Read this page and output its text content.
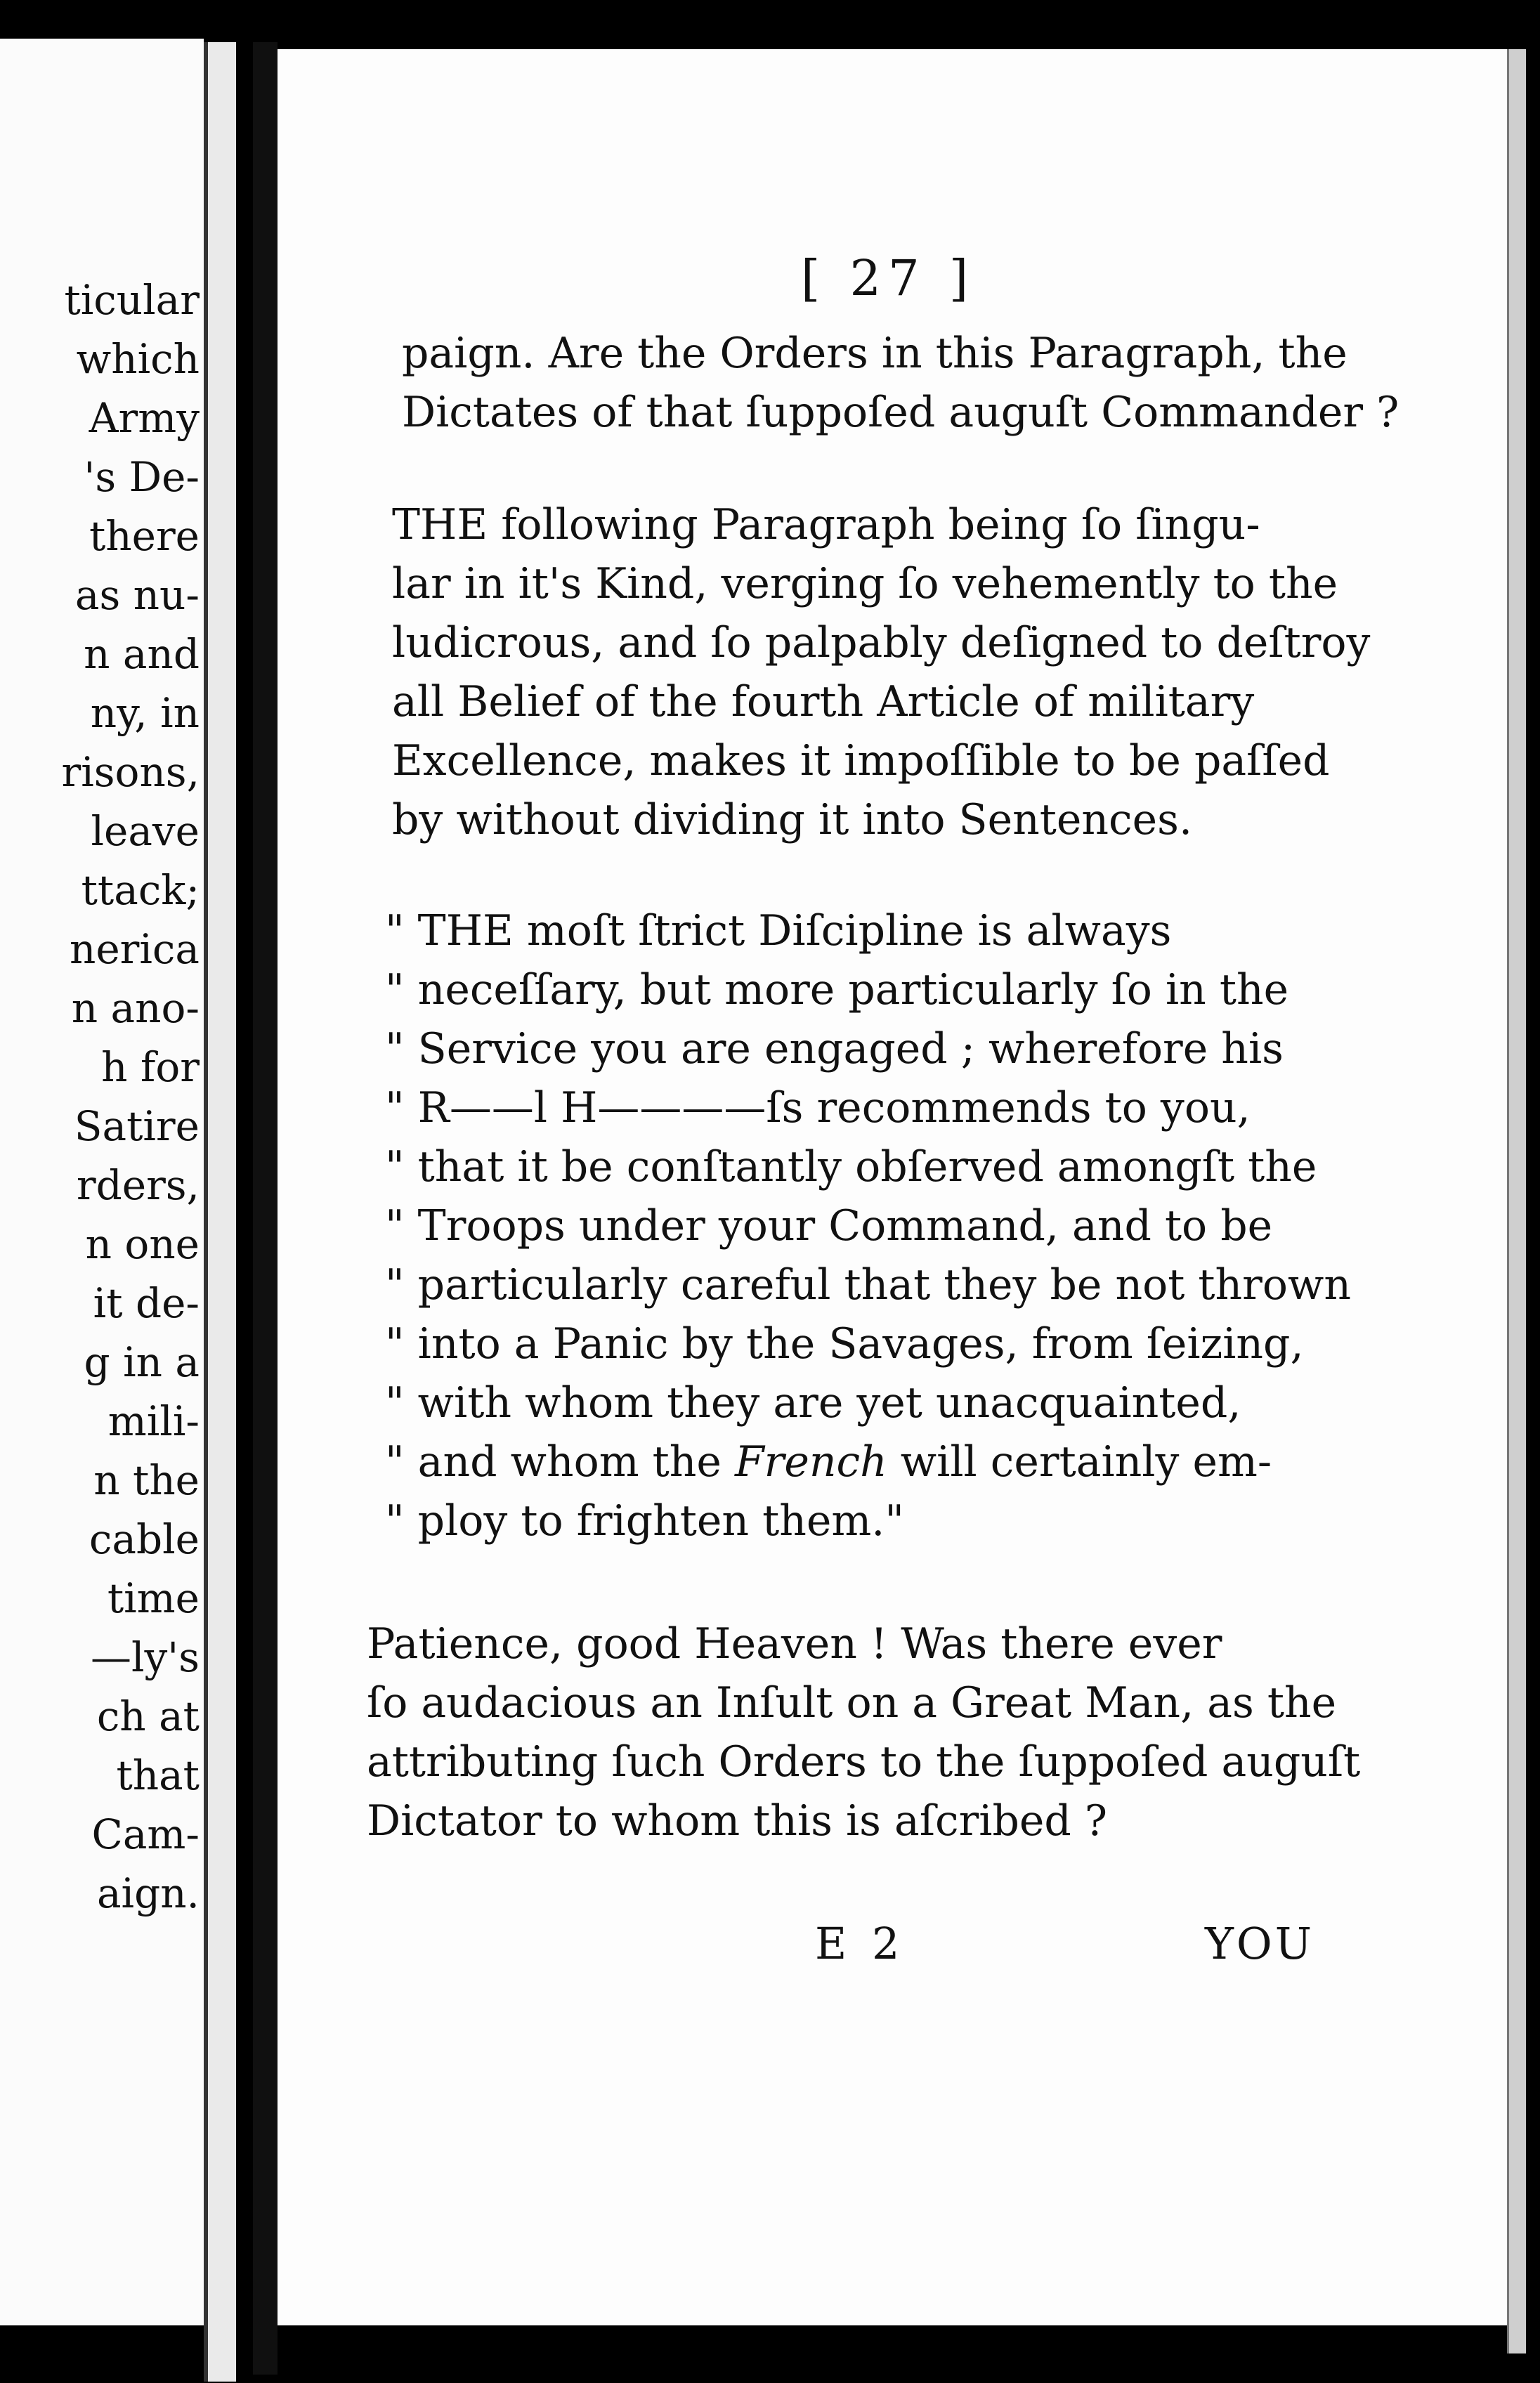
ticular
which
Army
's De-
there
as nu-
n and
ny, in
risons,
leave
ttack;
nerica
n ano-
h for
Satire
rders,
n one
it de-
g in a
mili-
n the
cable
time
—ly's
ch at
that
Cam-
aign.
[ 27 ]
paign. Are the Orders in this Paragraph, the
Dictates of that ſuppoſed auguſt Commander ?
THE following Paragraph being ſo ſingu-
lar in it's Kind, verging ſo vehemently to the
ludicrous, and ſo palpably deſigned to deſtroy
all Belief of the fourth Article of military
Excellence, makes it impoſſible to be paſſed
by without dividing it into Sentences.
" THE moſt ſtrict Diſcipline is always
" neceſſary, but more particularly ſo in the
" Service you are engaged ; wherefore his
" R——l H————ſs recommends to you,
" that it be conſtantly obſerved amongſt the
" Troops under your Command, and to be
" particularly careful that they be not thrown
" into a Panic by the Savages, from ſeizing,
" with whom they are yet unacquainted,
" and whom the French will certainly em-
" ploy to frighten them."
Patience, good Heaven ! Was there ever
ſo audacious an Inſult on a Great Man, as the
attributing ſuch Orders to the ſuppoſed auguſt
Dictator to whom this is aſcribed ?
E 2	YOU
